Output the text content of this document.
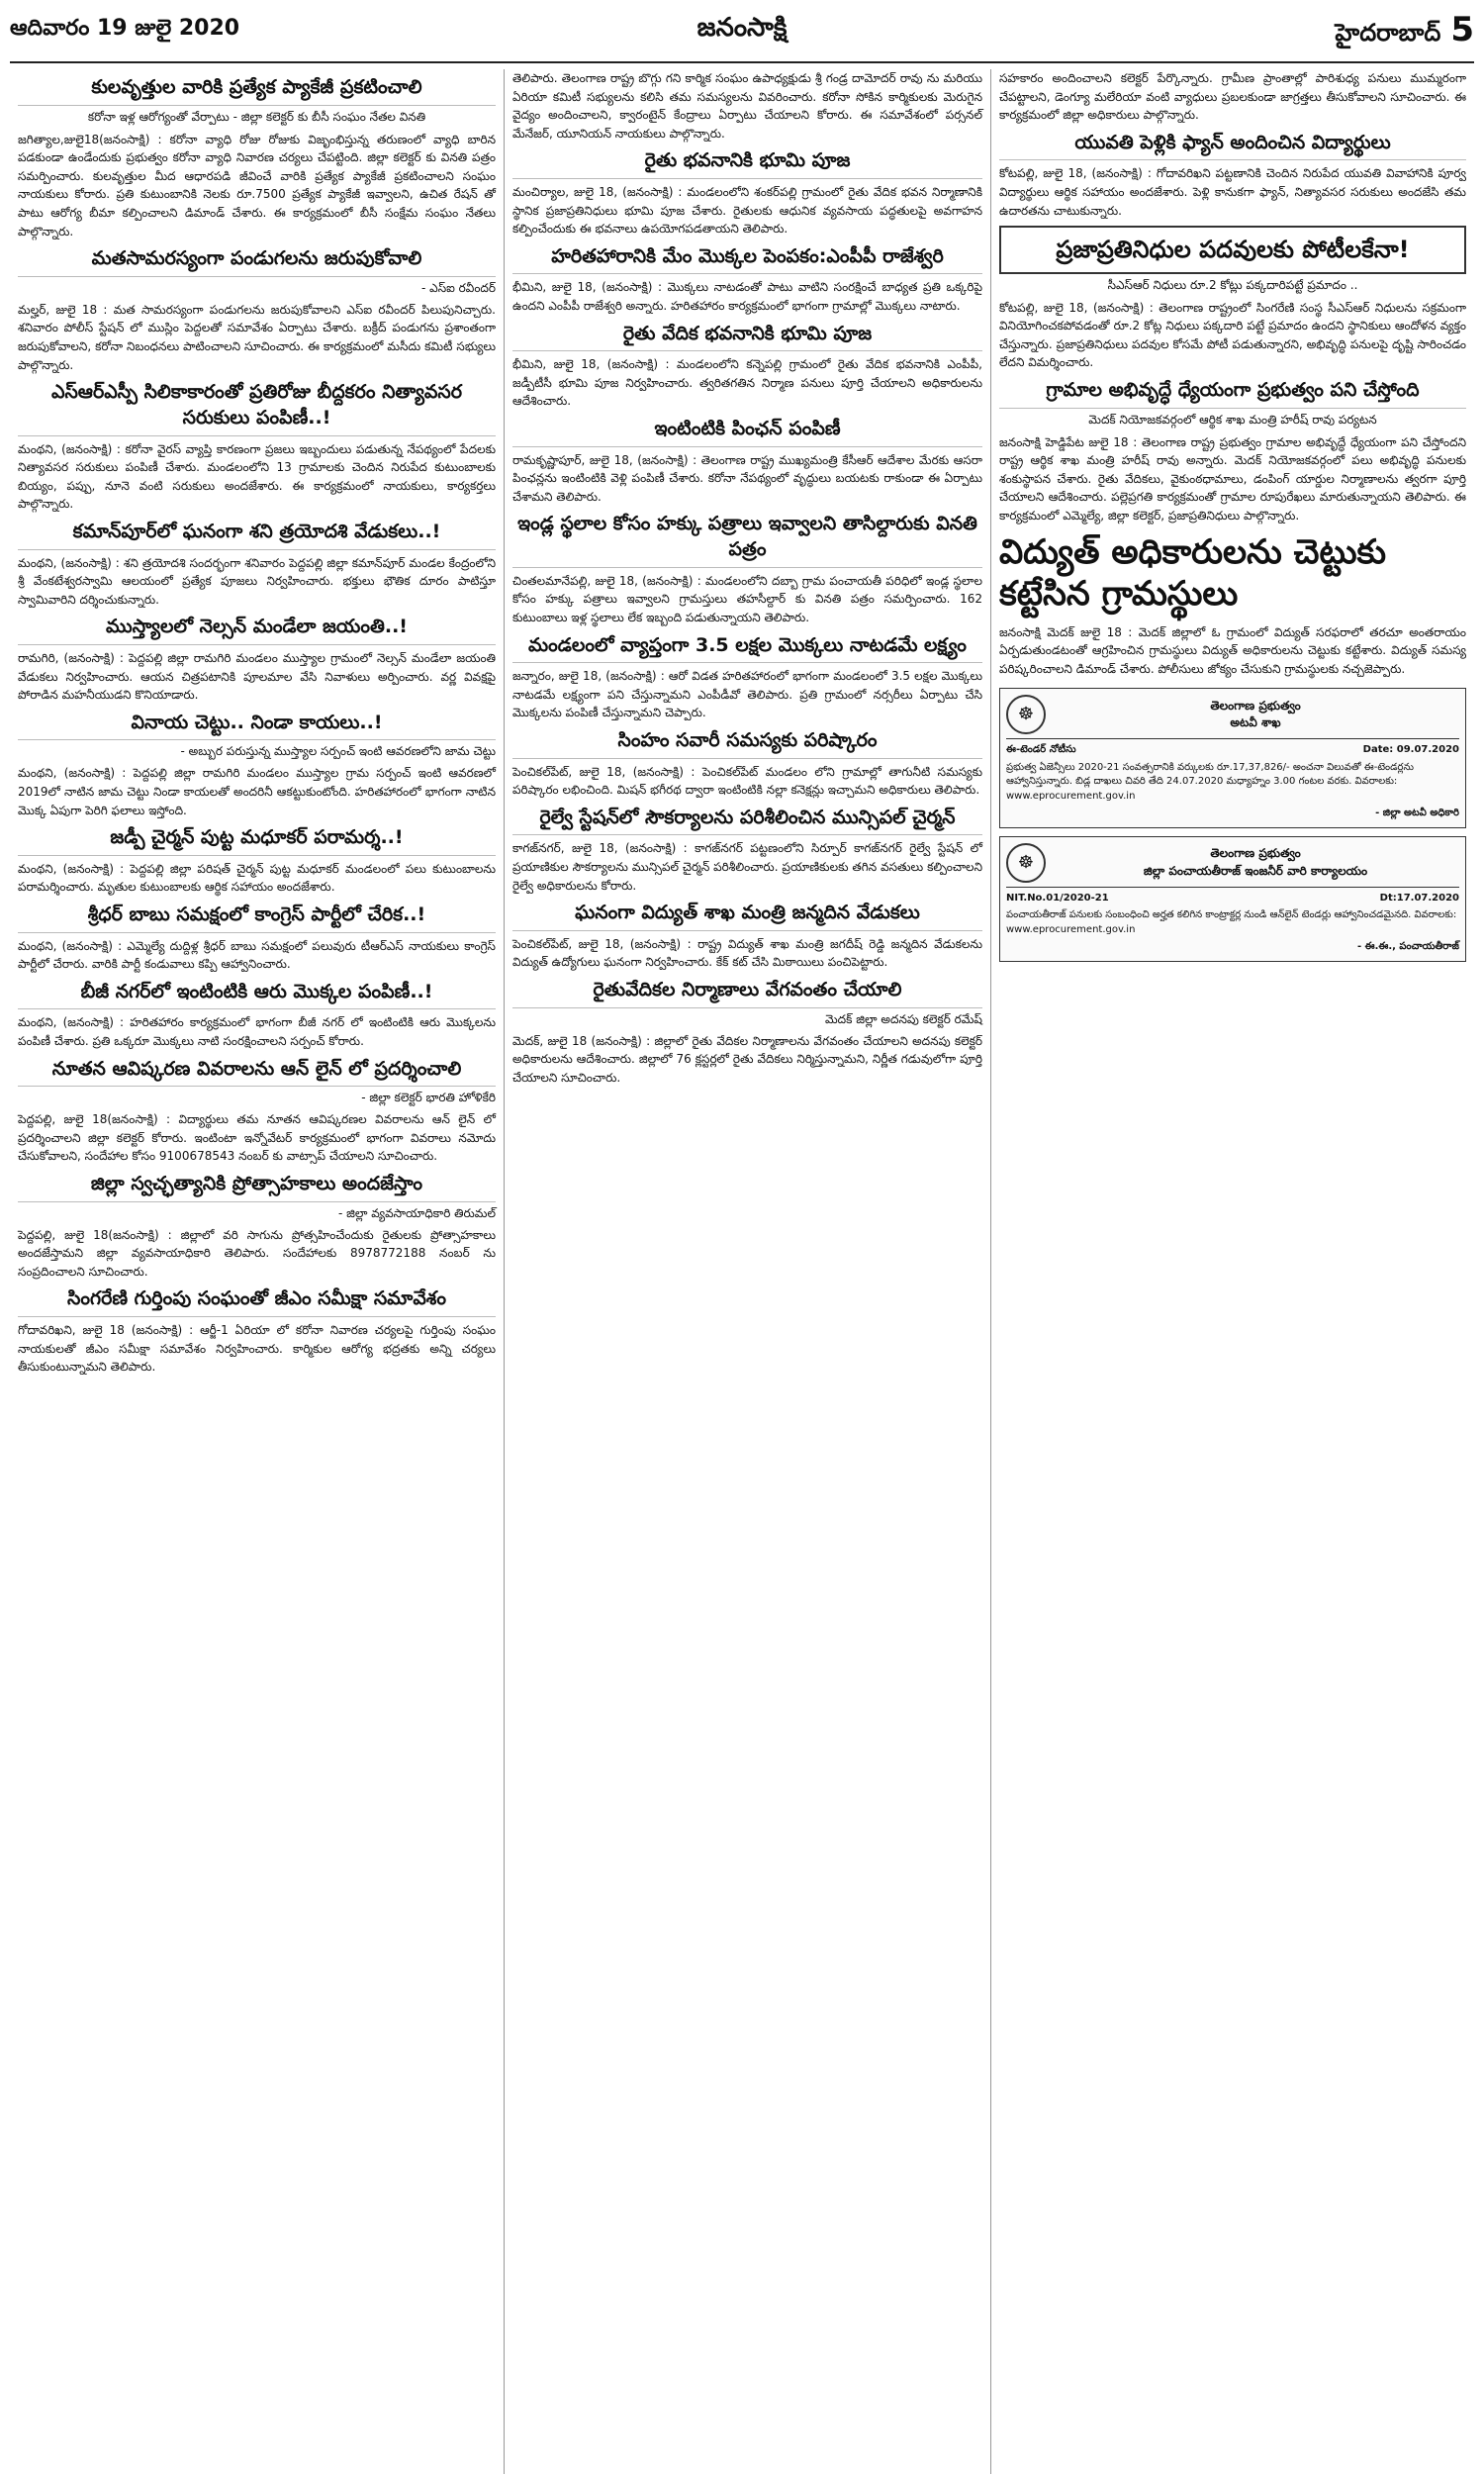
ఆదివారం 19 జులై 2020	జనంసాక్షి	హైదరాబాద్ 5
కులవృత్తుల వారికి ప్రత్యేక ప్యాకేజీ ప్రకటించాలి
కరోనా ఇళ్ల ఆరోగ్యంతో వేర్పాటు - జిల్లా కలెక్టర్ కు బీసీ సంఘం నేతల వినతి

జగిత్యాల,జులై18(జనంసాక్షి) : కరోనా వ్యాధి రోజు రోజుకు విజృంభిస్తున్న తరుణంలో వ్యాధి బారిన పడకుండా ఉండేందుకు ప్రభుత్వం కరోనా వ్యాధి నివారణ చర్యలు చేపట్టింది. జిల్లా కలెక్టర్ కు వినతి పత్రం సమర్పించారు. కులవృత్తుల మీద ఆధారపడి జీవించే వారికి ప్రత్యేక ప్యాకేజీ ప్రకటించాలని సంఘం నాయకులు కోరారు. ప్రతి కుటుంబానికి నెలకు రూ.7500 ప్రత్యేక ప్యాకేజీ ఇవ్వాలని, ఉచిత రేషన్ తో పాటు ఆరోగ్య బీమా కల్పించాలని డిమాండ్ చేశారు. ఈ కార్యక్రమంలో బీసీ సంక్షేమ సంఘం నేతలు పాల్గొన్నారు.

మతసామరస్యంగా పండుగలను జరుపుకోవాలి
- ఎస్ఐ రవీందర్

మల్హర్, జులై 18 : మత సామరస్యంగా పండుగలను జరుపుకోవాలని ఎస్ఐ రవీందర్ పిలుపునిచ్చారు. శనివారం పోలీస్ స్టేషన్ లో ముస్లిం పెద్దలతో సమావేశం ఏర్పాటు చేశారు. బక్రీద్ పండుగను ప్రశాంతంగా జరుపుకోవాలని, కరోనా నిబంధనలు పాటించాలని సూచించారు. ఈ కార్యక్రమంలో మసీదు కమిటీ సభ్యులు పాల్గొన్నారు.

ఎస్ఆర్ఎస్పీ సిలికాకారంతో ప్రతిరోజు బీద్దకరం నిత్యావసర సరుకులు పంపిణీ..!

మంథని, (జనంసాక్షి) : కరోనా వైరస్ వ్యాప్తి కారణంగా ప్రజలు ఇబ్బందులు పడుతున్న నేపథ్యంలో పేదలకు నిత్యావసర సరుకులు పంపిణీ చేశారు. మండలంలోని 13 గ్రామాలకు చెందిన నిరుపేద కుటుంబాలకు బియ్యం, పప్పు, నూనె వంటి సరుకులు అందజేశారు. ఈ కార్యక్రమంలో నాయకులు, కార్యకర్తలు పాల్గొన్నారు.

కమాన్‌పూర్‌లో ఘనంగా శని త్రయోదశి వేడుకలు..!

మంథని, (జనంసాక్షి) : శని త్రయోదశి సందర్భంగా శనివారం పెద్దపల్లి జిల్లా కమాన్‌పూర్ మండల కేంద్రంలోని శ్రీ వేంకటేశ్వరస్వామి ఆలయంలో ప్రత్యేక పూజలు నిర్వహించారు. భక్తులు భౌతిక దూరం పాటిస్తూ స్వామివారిని దర్శించుకున్నారు.

ముస్త్యాలలో నెల్సన్ మండేలా జయంతి..!

రామగిరి, (జనంసాక్షి) : పెద్దపల్లి జిల్లా రామగిరి మండలం ముస్త్యాల గ్రామంలో నెల్సన్ మండేలా జయంతి వేడుకలు నిర్వహించారు. ఆయన చిత్రపటానికి పూలమాల వేసి నివాళులు అర్పించారు. వర్ణ వివక్షపై పోరాడిన మహనీయుడని కొనియాడారు.

వినాయ చెట్టు.. నిండా కాయలు..!
- అబ్బుర పరుస్తున్న ముస్త్యాల సర్పంచ్ ఇంటి ఆవరణలోని జామ చెట్టు

మంథని, (జనంసాక్షి) : పెద్దపల్లి జిల్లా రామగిరి మండలం ముస్త్యాల గ్రామ సర్పంచ్ ఇంటి ఆవరణలో 2019లో నాటిన జామ చెట్టు నిండా కాయలతో అందరినీ ఆకట్టుకుంటోంది. హరితహారంలో భాగంగా నాటిన మొక్క ఏపుగా పెరిగి ఫలాలు ఇస్తోంది.

జడ్పీ చైర్మన్ పుట్ట మధూకర్ పరామర్శ..!

మంథని, (జనంసాక్షి) : పెద్దపల్లి జిల్లా పరిషత్ చైర్మన్ పుట్ట మధూకర్ మండలంలో పలు కుటుంబాలను పరామర్శించారు. మృతుల కుటుంబాలకు ఆర్థిక సహాయం అందజేశారు.

శ్రీధర్ బాబు సమక్షంలో కాంగ్రెస్ పార్టీలో చేరిక..!

మంథని, (జనంసాక్షి) : ఎమ్మెల్యే దుద్దిళ్ల శ్రీధర్ బాబు సమక్షంలో పలువురు టీఆర్ఎస్ నాయకులు కాంగ్రెస్ పార్టీలో చేరారు. వారికి పార్టీ కండువాలు కప్పి ఆహ్వానించారు.

బీజీ నగర్‌లో ఇంటింటికి ఆరు మొక్కల పంపిణీ..!

మంథని, (జనంసాక్షి) : హరితహారం కార్యక్రమంలో భాగంగా బీజీ నగర్ లో ఇంటింటికి ఆరు మొక్కలను పంపిణీ చేశారు. ప్రతి ఒక్కరూ మొక్కలు నాటి సంరక్షించాలని సర్పంచ్ కోరారు.

నూతన ఆవిష్కరణ వివరాలను ఆన్ లైన్ లో ప్రదర్శించాలి
- జిల్లా కలెక్టర్ భారతి హోళికేరి

పెద్దపల్లి, జులై 18(జనంసాక్షి) : విద్యార్థులు తమ నూతన ఆవిష్కరణల వివరాలను ఆన్ లైన్ లో ప్రదర్శించాలని జిల్లా కలెక్టర్ కోరారు. ఇంటింటా ఇన్నోవేటర్ కార్యక్రమంలో భాగంగా వివరాలు నమోదు చేసుకోవాలని, సందేహాల కోసం 9100678543 నంబర్ కు వాట్సాప్ చేయాలని సూచించారు.

జిల్లా స్వచ్ఛత్యానికి ప్రోత్సాహకాలు అందజేస్తాం
- జిల్లా వ్యవసాయాధికారి తిరుమల్

పెద్దపల్లి, జులై 18(జనంసాక్షి) : జిల్లాలో వరి సాగును ప్రోత్సహించేందుకు రైతులకు ప్రోత్సాహకాలు అందజేస్తామని జిల్లా వ్యవసాయాధికారి తెలిపారు. సందేహాలకు 8978772188 నంబర్ ను సంప్రదించాలని సూచించారు.

సింగరేణి గుర్తింపు సంఘంతో జీఎం సమీక్షా సమావేశం

గోదావరిఖని, జులై 18 (జనంసాక్షి) : ఆర్జీ-1 ఏరియా లో కరోనా నివారణ చర్యలపై గుర్తింపు సంఘం నాయకులతో జీఎం సమీక్షా సమావేశం నిర్వహించారు. కార్మికుల ఆరోగ్య భద్రతకు అన్ని చర్యలు తీసుకుంటున్నామని తెలిపారు.

తెలిపారు. తెలంగాణ రాష్ట్ర బొగ్గు గని కార్మిక సంఘం ఉపాధ్యక్షుడు శ్రీ గండ్ర దామోదర్ రావు ను మరియు ఏరియా కమిటీ సభ్యులను కలిసి తమ సమస్యలను వివరించారు. కరోనా సోకిన కార్మికులకు మెరుగైన వైద్యం అందించాలని, క్వారంటైన్ కేంద్రాలు ఏర్పాటు చేయాలని కోరారు. ఈ సమావేశంలో పర్సనల్ మేనేజర్, యూనియన్ నాయకులు పాల్గొన్నారు.

రైతు భవనానికి భూమి పూజ

మంచిర్యాల, జులై 18, (జనంసాక్షి) : మండలంలోని శంకర్‌పల్లి గ్రామంలో రైతు వేదిక భవన నిర్మాణానికి స్థానిక ప్రజాప్రతినిధులు భూమి పూజ చేశారు. రైతులకు ఆధునిక వ్యవసాయ పద్ధతులపై అవగాహన కల్పించేందుకు ఈ భవనాలు ఉపయోగపడతాయని తెలిపారు.

హరితహారానికి మేం మొక్కల పెంపకం:ఎంపీపీ రాజేశ్వరి

భీమిని, జులై 18, (జనంసాక్షి) : మొక్కలు నాటడంతో పాటు వాటిని సంరక్షించే బాధ్యత ప్రతి ఒక్కరిపై ఉందని ఎంపీపీ రాజేశ్వరి అన్నారు. హరితహారం కార్యక్రమంలో భాగంగా గ్రామాల్లో మొక్కలు నాటారు.

రైతు వేదిక భవనానికి భూమి పూజ

భీమిని, జులై 18, (జనంసాక్షి) : మండలంలోని కన్నెపల్లి గ్రామంలో రైతు వేదిక భవనానికి ఎంపీపీ, జడ్పీటీసీ భూమి పూజ నిర్వహించారు. త్వరితగతిన నిర్మాణ పనులు పూర్తి చేయాలని అధికారులను ఆదేశించారు.

ఇంటింటికి పింఛన్ పంపిణీ

రామకృష్ణాపూర్, జులై 18, (జనంసాక్షి) : తెలంగాణ రాష్ట్ర ముఖ్యమంత్రి కేసీఆర్ ఆదేశాల మేరకు ఆసరా పింఛన్లను ఇంటింటికి వెళ్లి పంపిణీ చేశారు. కరోనా నేపథ్యంలో వృద్ధులు బయటకు రాకుండా ఈ ఏర్పాటు చేశామని తెలిపారు.

ఇండ్ల స్థలాల కోసం హక్కు పత్రాలు ఇవ్వాలని తాసిల్దారుకు వినతి పత్రం

చింతలమానేపల్లి, జులై 18, (జనంసాక్షి) : మండలంలోని దబ్బా గ్రామ పంచాయతీ పరిధిలో ఇండ్ల స్థలాల కోసం హక్కు పత్రాలు ఇవ్వాలని గ్రామస్తులు తహసీల్దార్ కు వినతి పత్రం సమర్పించారు. 162 కుటుంబాలు ఇళ్ల స్థలాలు లేక ఇబ్బంది పడుతున్నాయని తెలిపారు.

మండలంలో వ్యాప్తంగా 3.5 లక్షల మొక్కలు నాటడమే లక్ష్యం

జన్నారం, జులై 18, (జనంసాక్షి) : ఆరో విడత హరితహారంలో భాగంగా మండలంలో 3.5 లక్షల మొక్కలు నాటడమే లక్ష్యంగా పని చేస్తున్నామని ఎంపీడీవో తెలిపారు. ప్రతి గ్రామంలో నర్సరీలు ఏర్పాటు చేసి మొక్కలను పంపిణీ చేస్తున్నామని చెప్పారు.

సింహం సవారీ సమస్యకు పరిష్కారం

పెంచికల్‌పేట్, జులై 18, (జనంసాక్షి) : పెంచికల్‌పేట్ మండలం లోని గ్రామాల్లో తాగునీటి సమస్యకు పరిష్కారం లభించింది. మిషన్ భగీరథ ద్వారా ఇంటింటికి నల్లా కనెక్షన్లు ఇచ్చామని అధికారులు తెలిపారు.

రైల్వే స్టేషన్‌లో సౌకర్యాలను పరిశీలించిన మున్సిపల్ చైర్మన్

కాగజ్‌నగర్, జులై 18, (జనంసాక్షి) : కాగజ్‌నగర్ పట్టణంలోని సిర్పూర్ కాగజ్‌నగర్ రైల్వే స్టేషన్ లో ప్రయాణికుల సౌకర్యాలను మున్సిపల్ చైర్మన్ పరిశీలించారు. ప్రయాణికులకు తగిన వసతులు కల్పించాలని రైల్వే అధికారులను కోరారు.

ఘనంగా విద్యుత్ శాఖ మంత్రి జన్మదిన వేడుకలు

పెంచికల్‌పేట్, జులై 18, (జనంసాక్షి) : రాష్ట్ర విద్యుత్ శాఖ మంత్రి జగదీష్ రెడ్డి జన్మదిన వేడుకలను విద్యుత్ ఉద్యోగులు ఘనంగా నిర్వహించారు. కేక్ కట్ చేసి మిఠాయిలు పంచిపెట్టారు.

రైతువేదికల నిర్మాణాలు వేగవంతం చేయాలి
మెదక్ జిల్లా అదనపు కలెక్టర్ రమేష్

మెదక్, జులై 18 (జనంసాక్షి) : జిల్లాలో రైతు వేదికల నిర్మాణాలను వేగవంతం చేయాలని అదనపు కలెక్టర్ అధికారులను ఆదేశించారు. జిల్లాలో 76 క్లస్టర్లలో రైతు వేదికలు నిర్మిస్తున్నామని, నిర్ణీత గడువులోగా పూర్తి చేయాలని సూచించారు.

సహకారం అందించాలని కలెక్టర్ పేర్కొన్నారు. గ్రామీణ ప్రాంతాల్లో పారిశుధ్య పనులు ముమ్మరంగా చేపట్టాలని, డెంగ్యూ మలేరియా వంటి వ్యాధులు ప్రబలకుండా జాగ్రత్తలు తీసుకోవాలని సూచించారు. ఈ కార్యక్రమంలో జిల్లా అధికారులు పాల్గొన్నారు.

యువతి పెళ్లికి ఫ్యాన్ అందించిన విద్యార్థులు

కోటపల్లి, జులై 18, (జనంసాక్షి) : గోదావరిఖని పట్టణానికి చెందిన నిరుపేద యువతి వివాహానికి పూర్వ విద్యార్థులు ఆర్థిక సహాయం అందజేశారు. పెళ్లి కానుకగా ఫ్యాన్, నిత్యావసర సరుకులు అందజేసి తమ ఉదారతను చాటుకున్నారు.

ప్రజాప్రతినిధుల పదవులకు పోటీలకేనా!
సీఎస్ఆర్ నిధులు రూ.2 కోట్లు పక్కదారిపట్టే ప్రమాదం ..

కోటపల్లి, జులై 18, (జనంసాక్షి) : తెలంగాణ రాష్ట్రంలో సింగరేణి సంస్థ సీఎస్ఆర్ నిధులను సక్రమంగా వినియోగించకపోవడంతో రూ.2 కోట్ల నిధులు పక్కదారి పట్టే ప్రమాదం ఉందని స్థానికులు ఆందోళన వ్యక్తం చేస్తున్నారు. ప్రజాప్రతినిధులు పదవుల కోసమే పోటీ పడుతున్నారని, అభివృద్ధి పనులపై దృష్టి సారించడం లేదని విమర్శించారు.

గ్రామాల అభివృద్ధే ధ్యేయంగా ప్రభుత్వం పని చేస్తోంది
మెదక్ నియోజకవర్గంలో ఆర్థిక శాఖ మంత్రి హరీష్ రావు పర్యటన

జనంసాక్షి హెడ్డిపేట జులై 18 : తెలంగాణ రాష్ట్ర ప్రభుత్వం గ్రామాల అభివృద్ధే ధ్యేయంగా పని చేస్తోందని రాష్ట్ర ఆర్థిక శాఖ మంత్రి హరీష్ రావు అన్నారు. మెదక్ నియోజకవర్గంలో పలు అభివృద్ధి పనులకు శంకుస్థాపన చేశారు. రైతు వేదికలు, వైకుంఠధామాలు, డంపింగ్ యార్డుల నిర్మాణాలను త్వరగా పూర్తి చేయాలని ఆదేశించారు. పల్లెప్రగతి కార్యక్రమంతో గ్రామాల రూపురేఖలు మారుతున్నాయని తెలిపారు. ఈ కార్యక్రమంలో ఎమ్మెల్యే, జిల్లా కలెక్టర్, ప్రజాప్రతినిధులు పాల్గొన్నారు.

విద్యుత్ అధికారులను చెట్టుకు కట్టేసిన గ్రామస్థులు

జనంసాక్షి మెదక్ జులై 18 : మెదక్ జిల్లాలో ఓ గ్రామంలో విద్యుత్ సరఫరాలో తరచూ అంతరాయం ఏర్పడుతుండటంతో ఆగ్రహించిన గ్రామస్థులు విద్యుత్ అధికారులను చెట్టుకు కట్టేశారు. విద్యుత్ సమస్య పరిష్కరించాలని డిమాండ్ చేశారు. పోలీసులు జోక్యం చేసుకుని గ్రామస్థులకు నచ్చజెప్పారు.

☸	తెలంగాణ ప్రభుత్వం
అటవీ శాఖ
ఈ-టెండర్ నోటీసు	Date: 09.07.2020
ప్రభుత్వ ఏజెన్సీలు 2020-21 సంవత్సరానికి వర్కులకు రూ.17,37,826/- అంచనా విలువతో ఈ-టెండర్లను ఆహ్వానిస్తున్నారు. బిడ్ల దాఖలు చివరి తేది 24.07.2020 మధ్యాహ్నం 3.00 గంటల వరకు. వివరాలకు: www.eprocurement.gov.in
- జిల్లా అటవీ అధికారి
☸	తెలంగాణ ప్రభుత్వం
జిల్లా పంచాయతీరాజ్ ఇంజనీర్ వారి కార్యాలయం
NIT.No.01/2020-21	Dt:17.07.2020
పంచాయతీరాజ్ పనులకు సంబంధించి అర్హత కలిగిన కాంట్రాక్టర్ల నుండి ఆన్‌లైన్ టెండర్లు ఆహ్వానించడమైనది. వివరాలకు: www.eprocurement.gov.in
- ఈ.ఈ., పంచాయతీరాజ్
